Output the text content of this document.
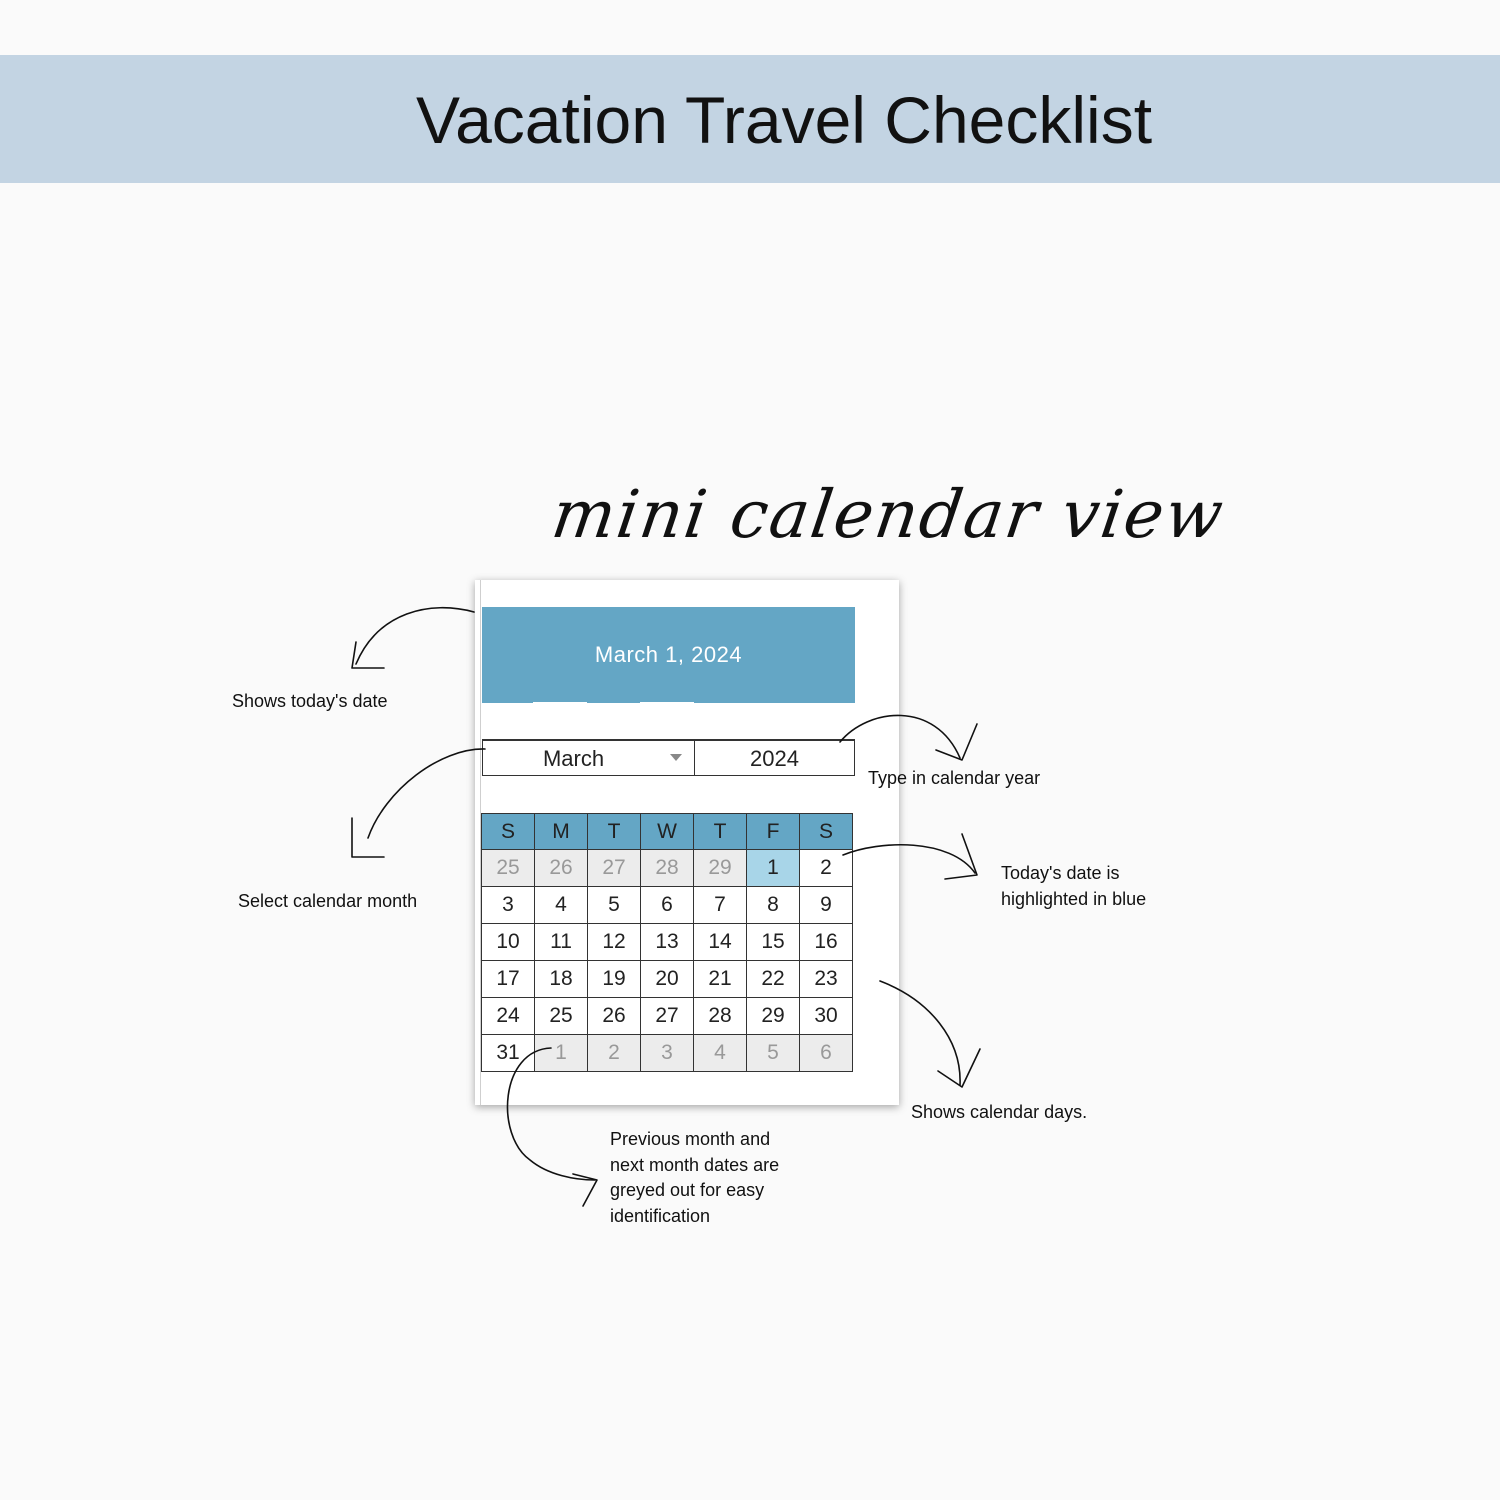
Vacation Travel Checklist
mini calendar view
March 1, 2024
March	2024
S	M	T	W	T	F	S
25	26	27	28	29	1	2
3	4	5	6	7	8	9
10	11	12	13	14	15	16
17	18	19	20	21	22	23
24	25	26	27	28	29	30
31	1	2	3	4	5	6
Shows today's date
Select calendar month
Type in calendar year
Today's date is
highlighted in blue
Shows calendar days.
Previous month and
next month dates are
greyed out for easy
identification
